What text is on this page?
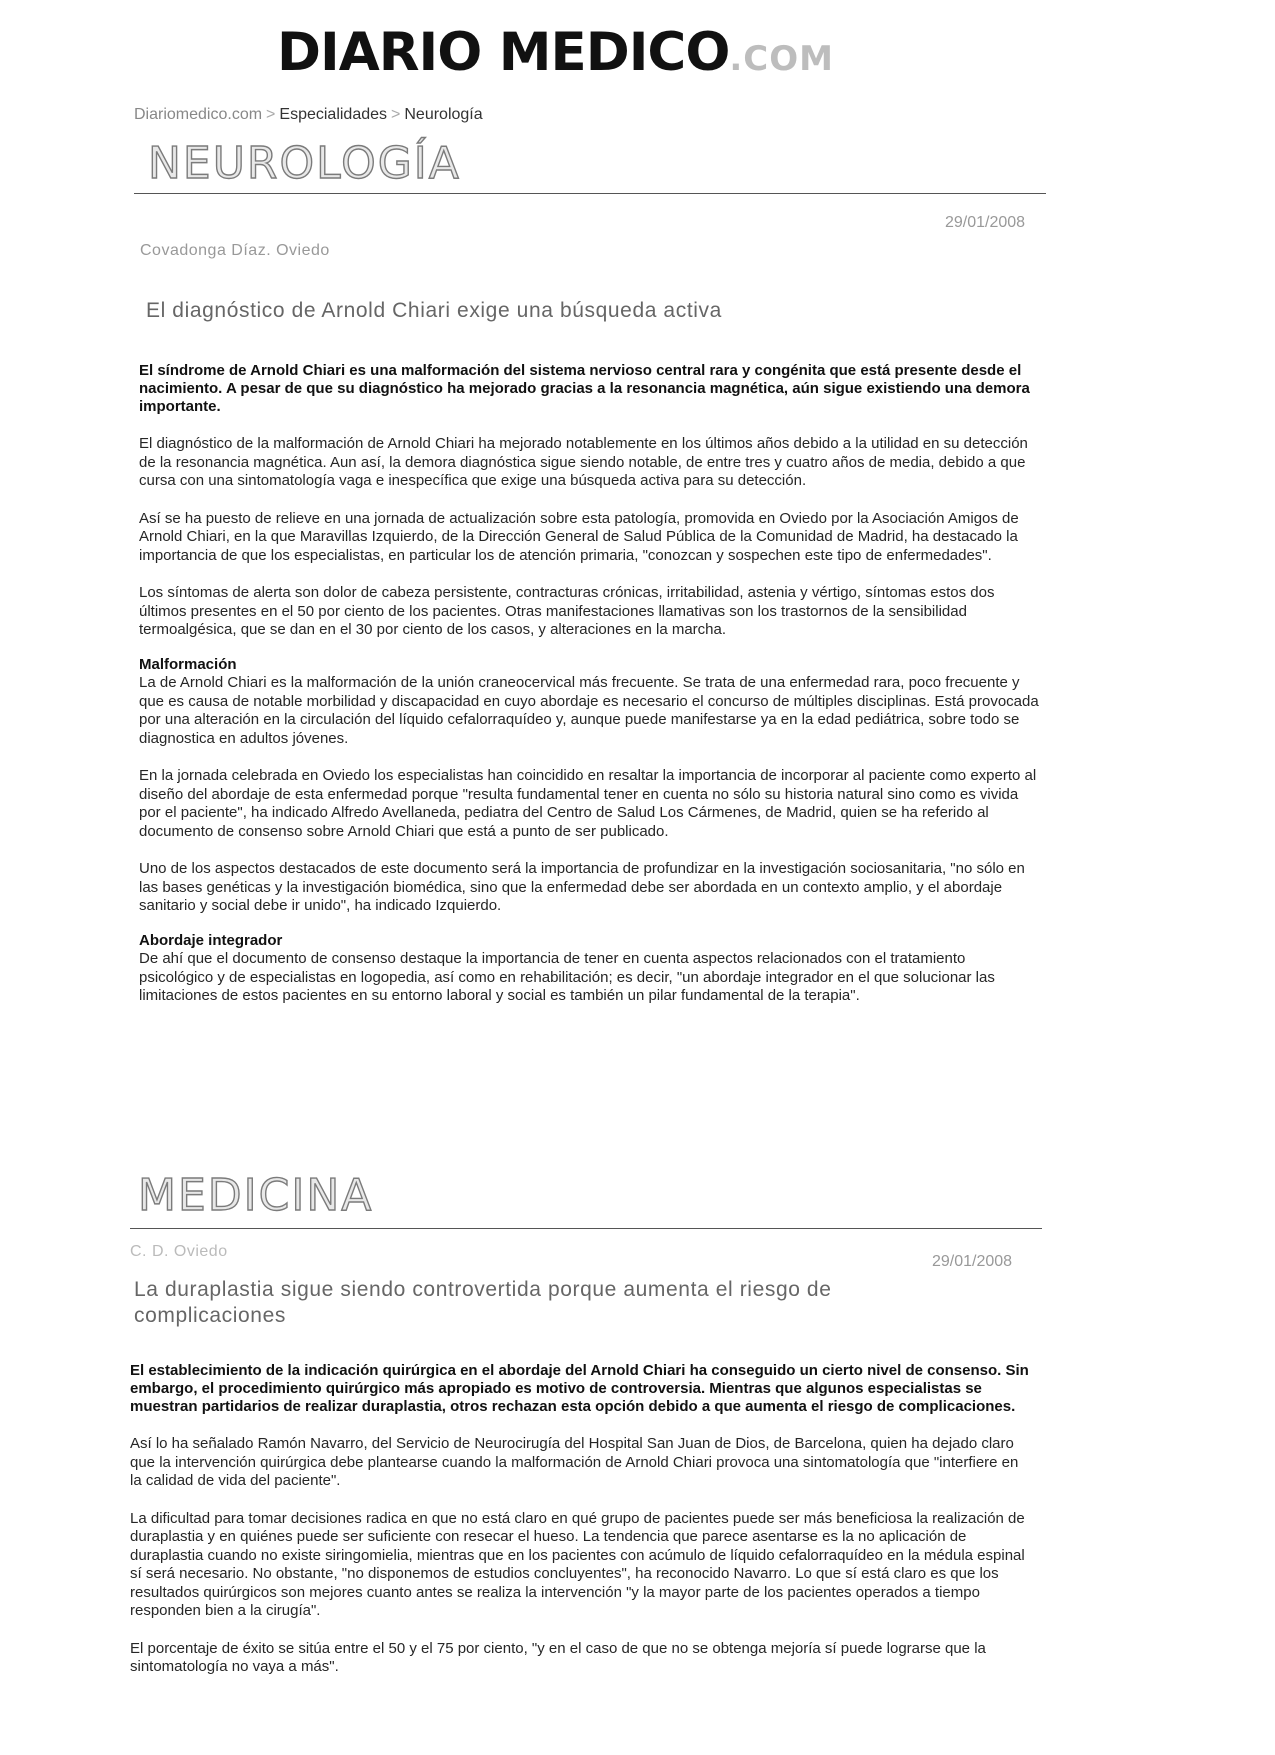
DIARIO MEDICO.COM
Diariomedico.com > Especialidades > Neurología
NEUROLOGÍA
29/01/2008
Covadonga Díaz. Oviedo
El diagnóstico de Arnold Chiari exige una búsqueda activa

El síndrome de Arnold Chiari es una malformación del sistema nervioso central rara y congénita que está presente desde el nacimiento. A pesar de que su diagnóstico ha mejorado gracias a la resonancia magnética, aún sigue existiendo una demora importante.

El diagnóstico de la malformación de Arnold Chiari ha mejorado notablemente en los últimos años debido a la utilidad en su detección de la resonancia magnética. Aun así, la demora diagnóstica sigue siendo notable, de entre tres y cuatro años de media, debido a que cursa con una sintomatología vaga e inespecífica que exige una búsqueda activa para su detección.

Así se ha puesto de relieve en una jornada de actualización sobre esta patología, promovida en Oviedo por la Asociación Amigos de Arnold Chiari, en la que Maravillas Izquierdo, de la Dirección General de Salud Pública de la Comunidad de Madrid, ha destacado la importancia de que los especialistas, en particular los de atención primaria, "conozcan y sospechen este tipo de enfermedades".

Los síntomas de alerta son dolor de cabeza persistente, contracturas crónicas, irritabilidad, astenia y vértigo, síntomas estos dos últimos presentes en el 50 por ciento de los pacientes. Otras manifestaciones llamativas son los trastornos de la sensibilidad termoalgésica, que se dan en el 30 por ciento de los casos, y alteraciones en la marcha.

Malformación

La de Arnold Chiari es la malformación de la unión craneocervical más frecuente. Se trata de una enfermedad rara, poco frecuente y que es causa de notable morbilidad y discapacidad en cuyo abordaje es necesario el concurso de múltiples disciplinas. Está provocada por una alteración en la circulación del líquido cefalorraquídeo y, aunque puede manifestarse ya en la edad pediátrica, sobre todo se diagnostica en adultos jóvenes.

En la jornada celebrada en Oviedo los especialistas han coincidido en resaltar la importancia de incorporar al paciente como experto al diseño del abordaje de esta enfermedad porque "resulta fundamental tener en cuenta no sólo su historia natural sino como es vivida por el paciente", ha indicado Alfredo Avellaneda, pediatra del Centro de Salud Los Cármenes, de Madrid, quien se ha referido al documento de consenso sobre Arnold Chiari que está a punto de ser publicado.

Uno de los aspectos destacados de este documento será la importancia de profundizar en la investigación sociosanitaria, "no sólo en las bases genéticas y la investigación biomédica, sino que la enfermedad debe ser abordada en un contexto amplio, y el abordaje sanitario y social debe ir unido", ha indicado Izquierdo.

Abordaje integrador

De ahí que el documento de consenso destaque la importancia de tener en cuenta aspectos relacionados con el tratamiento psicológico y de especialistas en logopedia, así como en rehabilitación; es decir, "un abordaje integrador en el que solucionar las limitaciones de estos pacientes en su entorno laboral y social es también un pilar fundamental de la terapia".

MEDICINA
C. D. Oviedo
29/01/2008
La duraplastia sigue siendo controvertida porque aumenta el riesgo de complicaciones

El establecimiento de la indicación quirúrgica en el abordaje del Arnold Chiari ha conseguido un cierto nivel de consenso. Sin embargo, el procedimiento quirúrgico más apropiado es motivo de controversia. Mientras que algunos especialistas se muestran partidarios de realizar duraplastia, otros rechazan esta opción debido a que aumenta el riesgo de complicaciones.

Así lo ha señalado Ramón Navarro, del Servicio de Neurocirugía del Hospital San Juan de Dios, de Barcelona, quien ha dejado claro que la intervención quirúrgica debe plantearse cuando la malformación de Arnold Chiari provoca una sintomatología que "interfiere en la calidad de vida del paciente".

La dificultad para tomar decisiones radica en que no está claro en qué grupo de pacientes puede ser más beneficiosa la realización de duraplastia y en quiénes puede ser suficiente con resecar el hueso. La tendencia que parece asentarse es la no aplicación de duraplastia cuando no existe siringomielia, mientras que en los pacientes con acúmulo de líquido cefalorraquídeo en la médula espinal sí será necesario. No obstante, "no disponemos de estudios concluyentes", ha reconocido Navarro. Lo que sí está claro es que los resultados quirúrgicos son mejores cuanto antes se realiza la intervención "y la mayor parte de los pacientes operados a tiempo responden bien a la cirugía".

El porcentaje de éxito se sitúa entre el 50 y el 75 por ciento, "y en el caso de que no se obtenga mejoría sí puede lograrse que la sintomatología no vaya a más".
